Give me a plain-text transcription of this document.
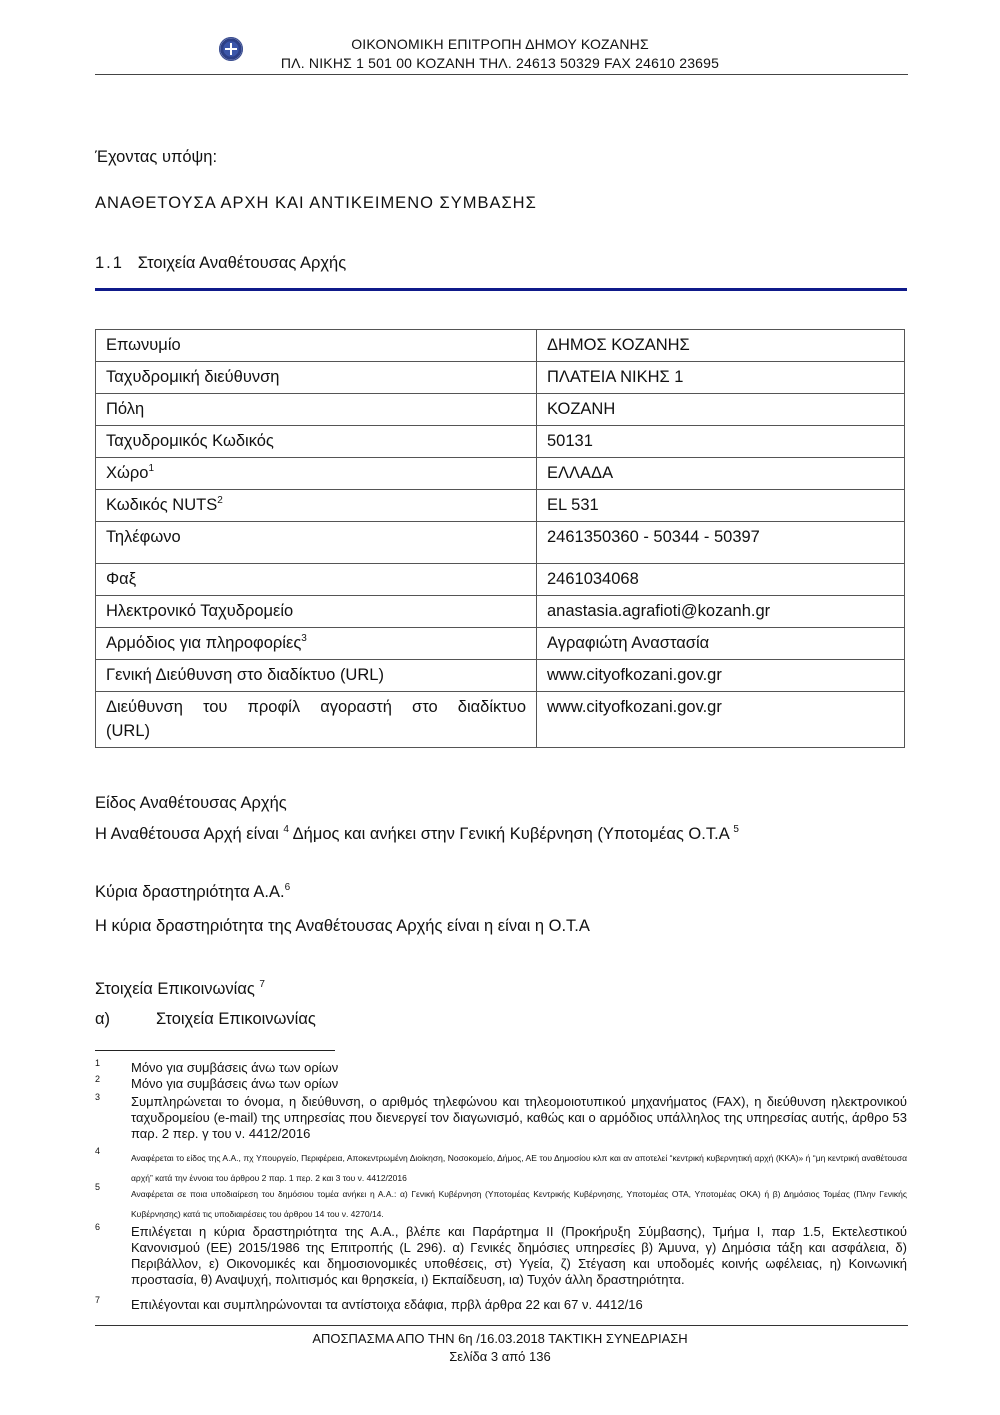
ΟΙΚΟΝΟΜΙΚΗ ΕΠΙΤΡΟΠΗ ΔΗΜΟΥ ΚΟΖΑΝΗΣ
ΠΛ. ΝΙΚΗΣ 1 501 00 ΚΟΖΑΝΗ ΤΗΛ. 24613 50329 FAX 24610 23695
Έχοντας υπόψη:
ΑΝΑΘΕΤΟΥΣΑ ΑΡΧΗ ΚΑΙ ΑΝΤΙΚΕΙΜΕΝΟ ΣΥΜΒΑΣΗΣ
1.1 Στοιχεία Αναθέτουσας Αρχής
Επωνυμίο	ΔΗΜΟΣ ΚΟΖΑΝΗΣ
Ταχυδρομική διεύθυνση	ΠΛΑΤΕΙΑ ΝΙΚΗΣ 1
Πόλη	ΚΟΖΑΝΗ
Ταχυδρομικός Κωδικός	50131
Χώρο$^1$	ΕΛΛΑΔΑ
Κωδικός NUTS$^2$	EL 531
Τηλέφωνο	2461350360 - 50344 - 50397
Φαξ	2461034068
Ηλεκτρονικό Ταχυδρομείο	anastasia.agrafioti@kozanh.gr
Αρμόδιος για πληροφορίες$^3$	Αγραφιώτη Αναστασία
Γενική Διεύθυνση στο διαδίκτυο (URL)	www.cityofkozani.gov.gr

Διεύθυνση του προφίλ αγοραστή στο διαδίκτυο (URL)	www.cityofkozani.gov.gr
Είδος Αναθέτουσας Αρχής
Η Αναθέτουσα Αρχή είναι $^4$ Δήμος και ανήκει στην Γενική Κυβέρνηση (Υποτομέας Ο.Τ.Α $^5$
Κύρια δραστηριότητα Α.Α.$^6$
Η κύρια δραστηριότητα της Αναθέτουσας Αρχής είναι η είναι η Ο.Τ.Α
Στοιχεία Επικοινωνίας $^7$
α)	Στοιχεία Επικοινωνίας
1 Μόνο για συμβάσεις άνω των ορίων
2 Μόνο για συμβάσεις άνω των ορίων
3 Συμπληρώνεται το όνομα, η διεύθυνση, ο αριθμός τηλεφώνου και τηλεομοιοτυπικού μηχανήματος (FAX), η διεύθυνση ηλεκτρονικού ταχυδρομείου (e-mail) της υπηρεσίας που διενεργεί τον διαγωνισμό, καθώς και ο αρμόδιος υπάλληλος της υπηρεσίας αυτής, άρθρο 53 παρ. 2 περ. γ του ν. 4412/2016
4
Αναφέρεται το είδος της Α.Α., πχ Υπουργείο, Περιφέρεια, Αποκεντρωμένη Διοίκηση, Νοσοκομείο, Δήμος, ΑΕ του Δημοσίου κλπ και αν αποτελεί “κεντρική κυβερνητική αρχή (ΚΚΑ)» ή “μη κεντρική αναθέτουσα αρχή” κατά την έννοια του άρθρου 2 παρ. 1 περ. 2 και 3 του ν. 4412/2016
5
Αναφέρεται σε ποια υποδιαίρεση του δημόσιου τομέα ανήκει η Α.Α.: α) Γενική Κυβέρνηση (Υποτομέας Κεντρικής Κυβέρνησης, Υποτομέας ΟΤΑ, Υποτομέας ΟΚΑ) ή β) Δημόσιος Τομέας (Πλην Γενικής Κυβέρνησης) κατά τις υποδιαιρέσεις του άρθρου 14 του ν. 4270/14.
6 Επιλέγεται η κύρια δραστηριότητα της Α.Α., βλέπε και Παράρτημα ΙΙ (Προκήρυξη Σύμβασης), Τμήμα Ι, παρ 1.5, Εκτελεστικού Κανονισμού (ΕΕ) 2015/1986 της Επιτροπής (L 296). α) Γενικές δημόσιες υπηρεσίες β) Άμυνα, γ) Δημόσια τάξη και ασφάλεια, δ) Περιβάλλον, ε) Οικονομικές και δημοσιονομικές υποθέσεις, στ) Υγεία, ζ) Στέγαση και υποδομές κοινής ωφέλειας, η) Κοινωνική προστασία, θ) Αναψυχή, πολιτισμός και θρησκεία, ι) Εκπαίδευση, ια) Τυχόν άλλη δραστηριότητα.
7 Επιλέγονται και συμπληρώνονται τα αντίστοιχα εδάφια, πρβλ άρθρα 22 και 67 ν. 4412/16
ΑΠΟΣΠΑΣΜΑ ΑΠΟ ΤΗΝ 6η /16.03.2018 ΤΑΚΤΙΚΗ ΣΥΝΕΔΡΙΑΣΗ
Σελίδα 3 από 136
